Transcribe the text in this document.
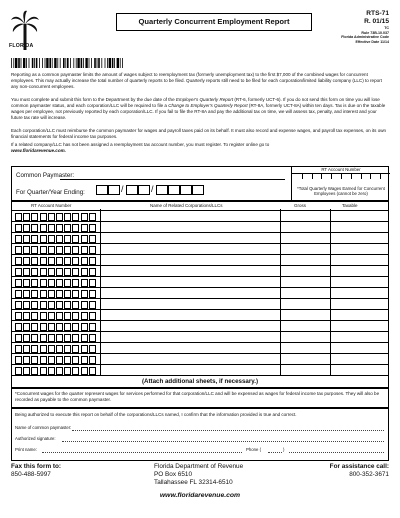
FLORIDA
Quarterly Concurrent Employment Report
RTS-71
R. 01/15
TC
Rule 73B-10.037
Florida Administrative Code
Effective Date 11/14
Reporting as a common paymaster limits the amount of wages subject to reemployment tax (formerly unemployment tax) to the first $7,000 of the combined wages for concurrent employees. This may actually increase the total number of quarterly reports to be filed. Quarterly reports still need to be filed for each corporation/limited liability company (LLC) to report any non-concurrent employees.
You must complete and submit this form to the Department by the due date of the Employer's Quarterly Report (RT-6, formerly UCT-6). If you do not send this form on time you will lose common paymaster status, and each corporation/LLC will be required to file a Change to Employer's Quarterly Report (RT-8A, formerly UCT-8A) within ten days. Tax is due on the taxable wages per employee, not previously reported by each corporation/LLC. If you fail to file the RT-8A and pay the additional tax on time, we will assess tax, penalty, and interest and your future tax rate will increase.
Each corporation/LLC must reimburse the common paymaster for wages and payroll taxes paid on its behalf. It must also record and expense wages, and payroll tax expenses, on its own financial statements for federal income tax purposes.
If a related company/LLC has not been assigned a reemployment tax account number, you must register. To register online go to
www.floridarevenue.com.
Common Paymaster:
For Quarter/Year Ending:	/	/
RT Account Number
*Total Quarterly Wages Earned for Concurrent Employees (cannot be zero)
RT Account Number	Name of Related Corporations/LLCs	Gross	Taxable
(Attach additional sheets, if necessary.)
*Concurrent wages for the quarter represent wages for services performed for that corporation/LLC and will be expensed as wages for federal income tax purposes. They will also be recorded as payable to the common paymaster.
Being authorized to execute this report on behalf of the corporations/LLCs named, I confirm that the information provided is true and correct.
Name of common paymaster:
Authorized signature:
Print name:	Phone (	)
Fax this form to:
850-488-5997
Florida Department of Revenue
PO Box 6510
Tallahassee FL 32314-6510
For assistance call:
800-352-3671
www.floridarevenue.com
